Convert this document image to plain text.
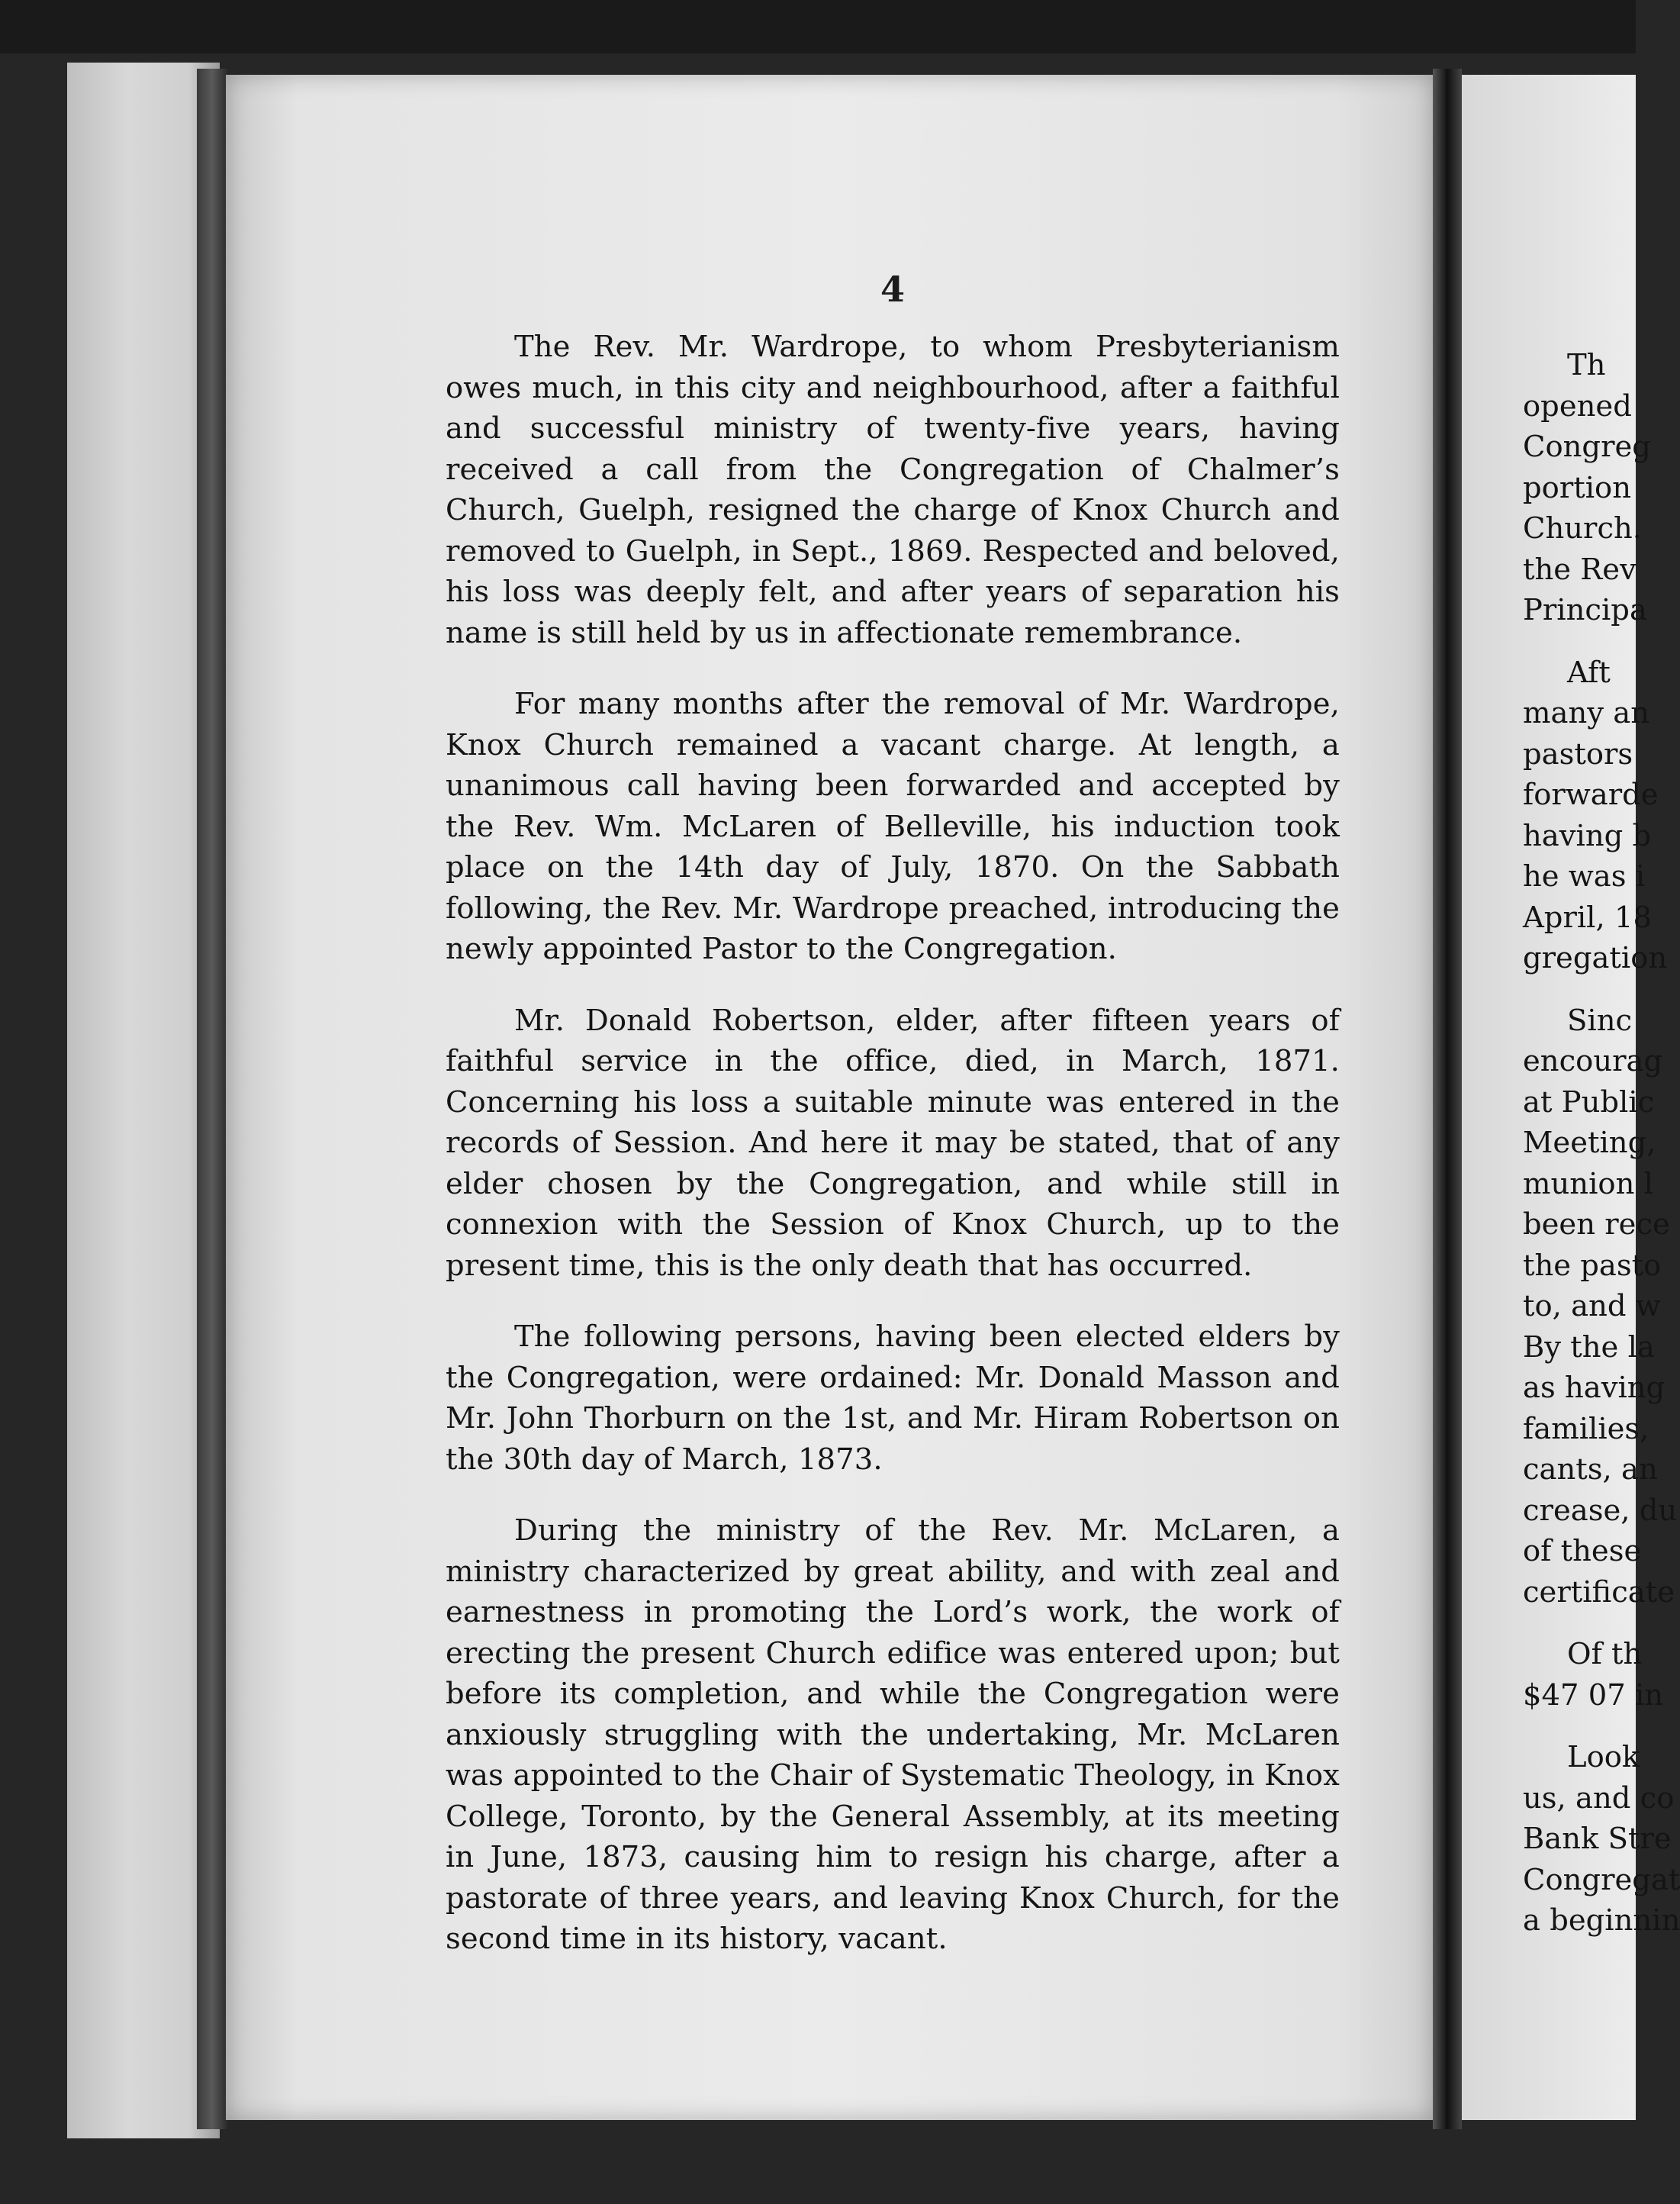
4

The Rev. Mr. Wardrope, to whom Presbyterianism owes much, in this city and neighbourhood, after a faithful and successful ministry of twenty-five years, having received a call from the Congregation of Chalmer’s Church, Guelph, resigned the charge of Knox Church and removed to Guelph, in Sept., 1869. Respected and beloved, his loss was deeply felt, and after years of separation his name is still held by us in affectionate remembrance.

For many months after the removal of Mr. Wardrope, Knox Church remained a vacant charge. At length, a unanimous call having been forwarded and accepted by the Rev. Wm. McLaren of Belleville, his induction took place on the 14th day of July, 1870. On the Sabbath following, the Rev. Mr. Wardrope preached, introducing the newly appointed Pastor to the Congregation.

Mr. Donald Robertson, elder, after fifteen years of faithful service in the office, died, in March, 1871. Concerning his loss a suitable minute was entered in the records of Session. And here it may be stated, that of any elder chosen by the Congregation, and while still in connexion with the Session of Knox Church, up to the present time, this is the only death that has occurred.

The following persons, having been elected elders by the Congregation, were ordained: Mr. Donald Masson and Mr. John Thorburn on the 1st, and Mr. Hiram Robertson on the 30th day of March, 1873.

During the ministry of the Rev. Mr. McLaren, a ministry characterized by great ability, and with zeal and earnestness in promoting the Lord’s work, the work of erecting the present Church edifice was entered upon; but before its completion, and while the Congregation were anxiously struggling with the undertaking, Mr. McLaren was appointed to the Chair of Systematic Theology, in Knox College, Toronto, by the General Assembly, at its meeting in June, 1873, causing him to resign his charge, after a pastorate of three years, and leaving Knox Church, for the second time in its history, vacant.

Th
opened
Congreg
portion
Church.
the Rev
Principa
Aft
many an
pastors
forwarde
having b
he was i
April, 18
gregation
Sinc
encourag
at Public
Meeting,
munion l
been rece
the pasto
to, and w
By the la
as having
families,
cants, an
crease, du
of these
certificate
Of th
$47 07 in
Look
us, and co
Bank Stre
Congregat
a beginnin
